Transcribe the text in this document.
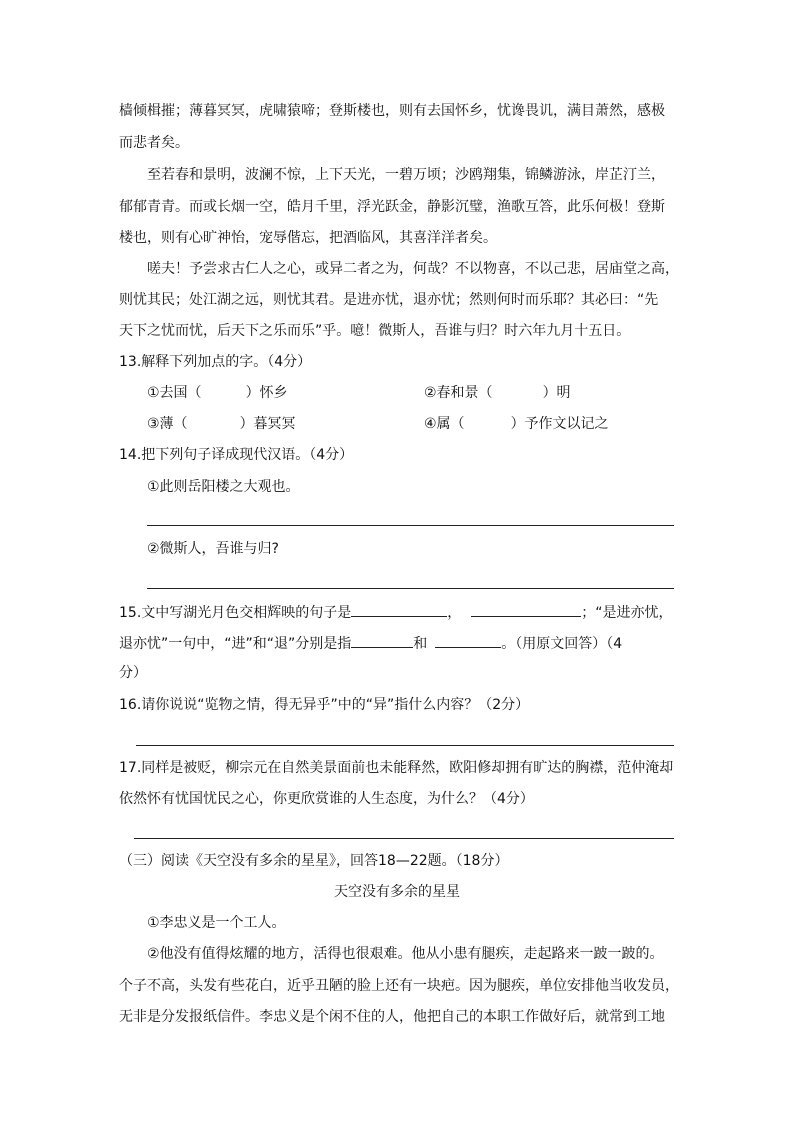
樯倾楫摧；薄暮冥冥，虎啸猿啼；登斯楼也，则有去国怀乡，忧谗畏讥，满目萧然，感极
而悲者矣。
至若春和景明，波澜不惊，上下天光，一碧万顷；沙鸥翔集，锦鳞游泳，岸芷汀兰，
郁郁青青。而或长烟一空，皓月千里，浮光跃金，静影沉璧，渔歌互答，此乐何极！登斯
楼也，则有心旷神怡，宠辱偕忘，把酒临风，其喜洋洋者矣。
嗟夫！予尝求古仁人之心，或异二者之为，何哉？不以物喜，不以己悲，居庙堂之高，
则忧其民；处江湖之远，则忧其君。是进亦忧，退亦忧；然则何时而乐耶？其必曰：“先
天下之忧而忧，后天下之乐而乐”乎。噫！微斯人，吾谁与归？时六年九月十五日。
13.解释下列加点的字。（4分）
①去国（	）怀乡	②春和景（	）明
③薄（	）暮冥冥	④属（	）予作文以记之
14.把下列句子译成现代汉语。（4分）
①此则岳阳楼之大观也。
②微斯人，吾谁与归?
15.文中写湖光月色交相辉映的句子是	，	；“是进亦忧，
退亦忧”一句中，“进”和“退”分别是指	和	。（用原文回答）（4
分）
16.请你说说“览物之情，得无异乎”中的“异”指什么内容？（2分）
17.同样是被贬，柳宗元在自然美景面前也未能释然，欧阳修却拥有旷达的胸襟，范仲淹却
依然怀有忧国忧民之心，你更欣赏谁的人生态度，为什么？（4分）
（三）阅读《天空没有多余的星星》，回答18—22题。（18分）
天空没有多余的星星
①李忠义是一个工人。
②他没有值得炫耀的地方，活得也很艰难。他从小患有腿疾，走起路来一跛一跛的。
个子不高，头发有些花白，近乎丑陋的脸上还有一块疤。因为腿疾，单位安排他当收发员，
无非是分发报纸信件。李忠义是个闲不住的人，他把自己的本职工作做好后，就常到工地
